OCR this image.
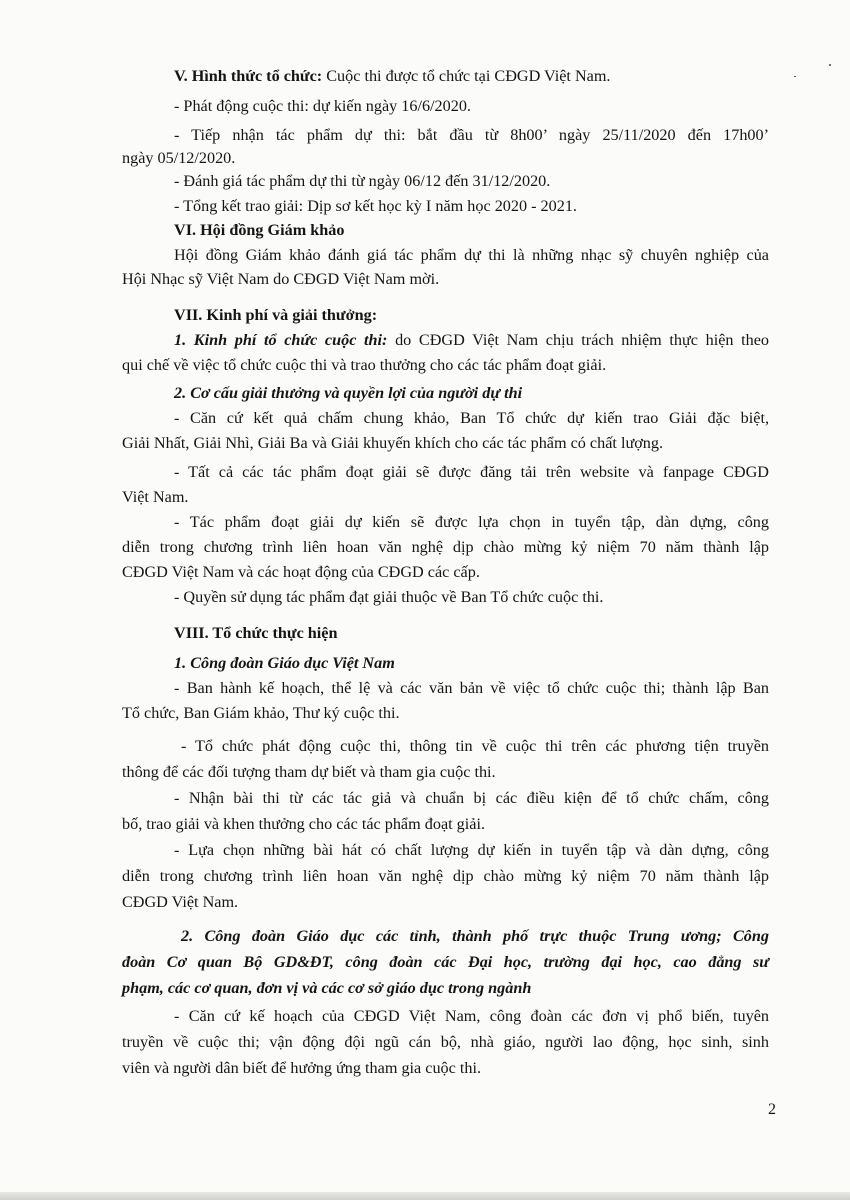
V. Hình thức tổ chức: Cuộc thi được tổ chức tại CĐGD Việt Nam.
- Phát động cuộc thi: dự kiến ngày 16/6/2020.
- Tiếp nhận tác phẩm dự thi: bắt đầu từ 8h00’ ngày 25/11/2020 đến 17h00’
ngày 05/12/2020.
- Đánh giá tác phẩm dự thi từ ngày 06/12 đến 31/12/2020.
- Tổng kết trao giải: Dịp sơ kết học kỳ I năm học 2020 - 2021.
VI. Hội đồng Giám khảo
Hội đồng Giám khảo đánh giá tác phẩm dự thi là những nhạc sỹ chuyên nghiệp của
Hội Nhạc sỹ Việt Nam do CĐGD Việt Nam mời.
VII. Kinh phí và giải thưởng:
1. Kinh phí tổ chức cuộc thi: do CĐGD Việt Nam chịu trách nhiệm thực hiện theo
qui chế về việc tổ chức cuộc thi và trao thưởng cho các tác phẩm đoạt giải.
2. Cơ cấu giải thưởng và quyền lợi của người dự thi
- Căn cứ kết quả chấm chung khảo, Ban Tổ chức dự kiến trao Giải đặc biệt,
Giải Nhất, Giải Nhì, Giải Ba và Giải khuyến khích cho các tác phẩm có chất lượng.
- Tất cả các tác phẩm đoạt giải sẽ được đăng tải trên website và fanpage CĐGD
Việt Nam.
- Tác phẩm đoạt giải dự kiến sẽ được lựa chọn in tuyển tập, dàn dựng, công
diễn trong chương trình liên hoan văn nghệ dịp chào mừng kỷ niệm 70 năm thành lập
CĐGD Việt Nam và các hoạt động của CĐGD các cấp.
- Quyền sử dụng tác phẩm đạt giải thuộc về Ban Tổ chức cuộc thi.
VIII. Tổ chức thực hiện
1. Công đoàn Giáo dục Việt Nam
- Ban hành kế hoạch, thể lệ và các văn bản về việc tổ chức cuộc thi; thành lập Ban
Tổ chức, Ban Giám khảo, Thư ký cuộc thi.
- Tổ chức phát động cuộc thi, thông tin về cuộc thi trên các phương tiện truyền
thông để các đối tượng tham dự biết và tham gia cuộc thi.
- Nhận bài thi từ các tác giả và chuẩn bị các điều kiện để tổ chức chấm, công
bố, trao giải và khen thưởng cho các tác phẩm đoạt giải.
- Lựa chọn những bài hát có chất lượng dự kiến in tuyển tập và dàn dựng, công
diễn trong chương trình liên hoan văn nghệ dịp chào mừng kỷ niệm 70 năm thành lập
CĐGD Việt Nam.
2. Công đoàn Giáo dục các tỉnh, thành phố trực thuộc Trung ương; Công
đoàn Cơ quan Bộ GD&ĐT, công đoàn các Đại học, trường đại học, cao đẳng sư
phạm, các cơ quan, đơn vị và các cơ sở giáo dục trong ngành
- Căn cứ kế hoạch của CĐGD Việt Nam, công đoàn các đơn vị phổ biến, tuyên
truyền về cuộc thi; vận động đội ngũ cán bộ, nhà giáo, người lao động, học sinh, sinh
viên và người dân biết để hưởng ứng tham gia cuộc thi.
2
